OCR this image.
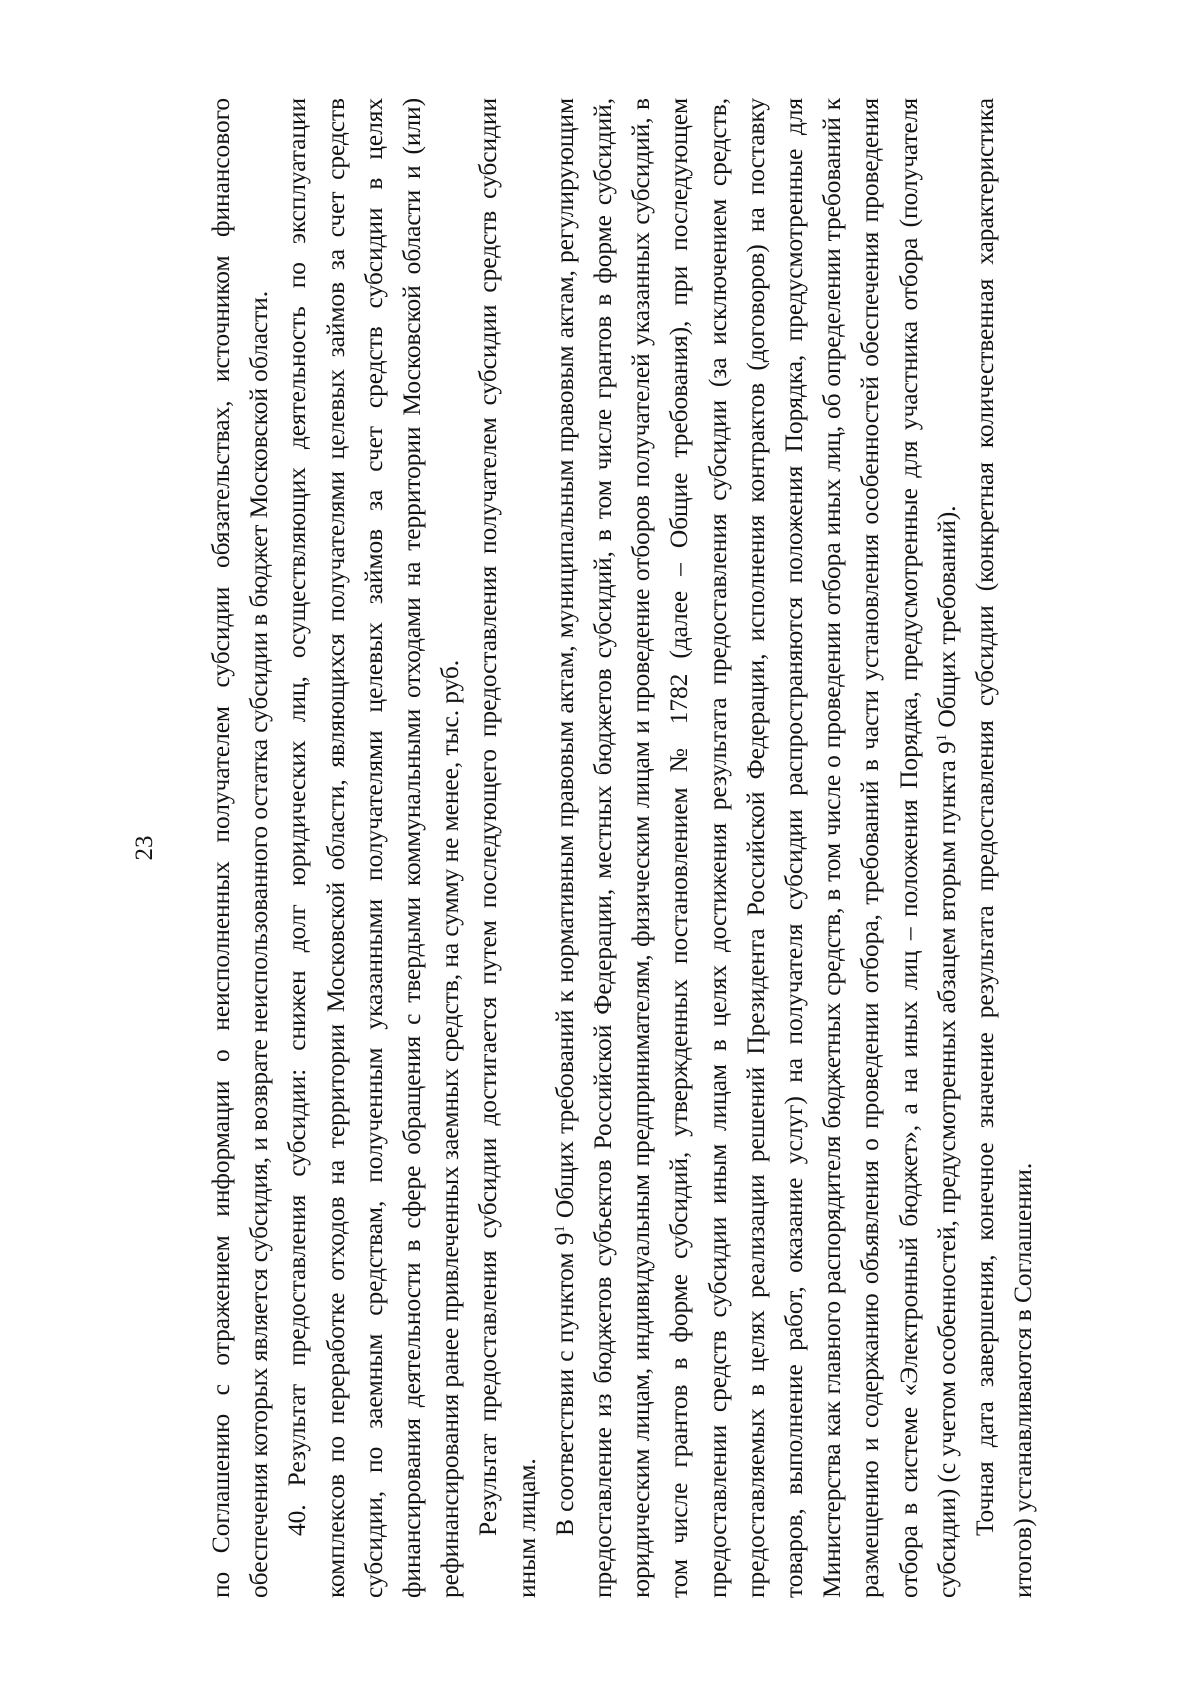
23 по Соглашению с отражением информации о неисполненных получателем субсидии обязательствах, источником финансового обеспечения которых является субсидия, и возврате неиспользованного остатка субсидии в бюджет Московской области. 40. Результат предоставления субсидии: снижен долг юридических лиц, осуществляющих деятельность по эксплуатации комплексов по переработке отходов на территории Московской области, являющихся получателями целевых займов за счет средств субсидии, по заемным средствам, полученным указанными получателями целевых займов за счет средств субсидии в целях финансирования деятельности в сфере обращения с твердыми коммунальными отходами на территории Московской области и (или) рефинансирования ранее привлеченных заемных средств, на сумму не менее, тыс. руб. Результат предоставления субсидии достигается путем последующего предоставления получателем субсидии средств субсидии иным лицам. В соответствии с пунктом $9^1$ Общих требований к нормативным правовым актам, муниципальным правовым актам, регулирующим предоставление из бюджетов субъектов Российской Федерации, местных бюджетов субсидий, в том числе грантов в форме субсидий, юридическим лицам, индивидуальным предпринимателям, физическим лицам и проведение отборов получателей указанных субсидий, в том числе грантов в форме субсидий, утвержденных постановлением № 1782 (далее – Общие требования), при последующем предоставлении средств субсидии иным лицам в целях достижения результата предоставления субсидии (за исключением средств, предоставляемых в целях реализации решений Президента Российской Федерации, исполнения контрактов (договоров) на поставку товаров, выполнение работ, оказание услуг) на получателя субсидии распространяются положения Порядка, предусмотренные для Министерства как главного распорядителя бюджетных средств, в том числе о проведении отбора иных лиц, об определении требований к размещению и содержанию объявления о проведении отбора, требований в части установления особенностей обеспечения проведения отбора в системе «Электронный бюджет», а на иных лиц – положения Порядка, предусмотренные для участника отбора (получателя субсидии) (с учетом особенностей, предусмотренных абзацем вторым пункта $9^1$ Общих требований). Точная дата завершения, конечное значение результата предоставления субсидии (конкретная количественная характеристика итогов) устанавливаются в Соглашении.
